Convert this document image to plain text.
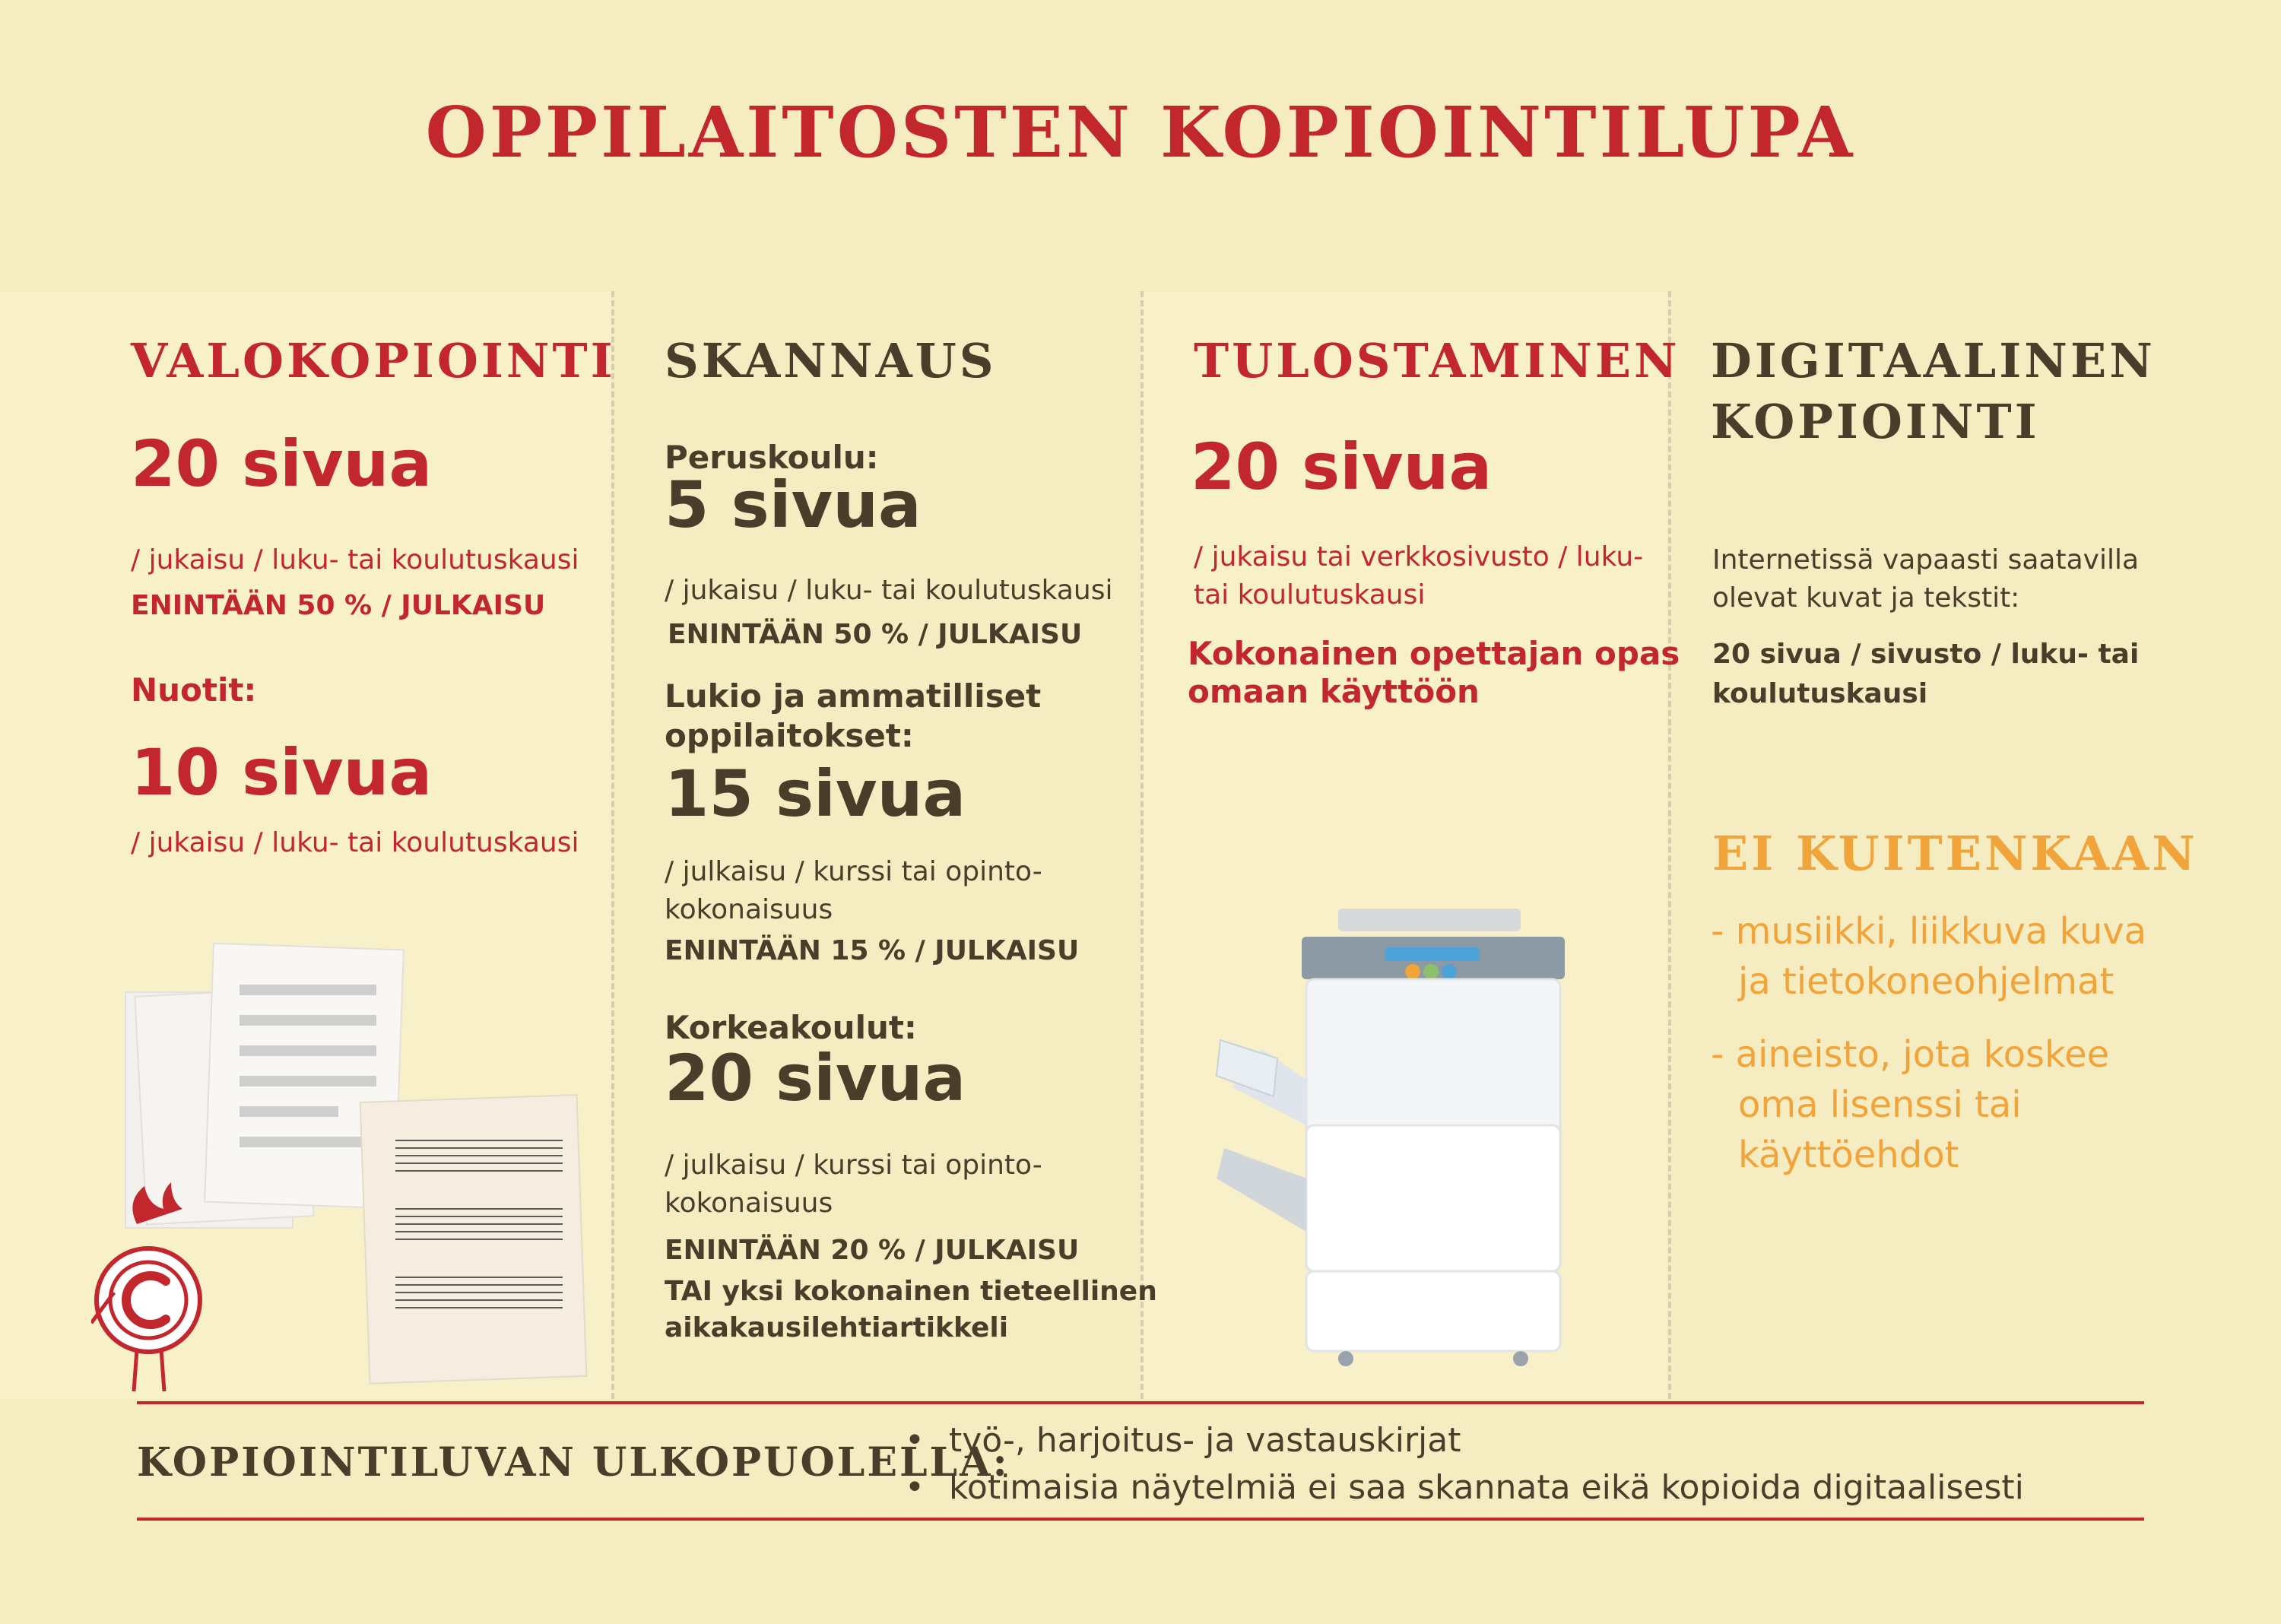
OPPILAITOSTEN KOPIOINTILUPA
VALOKOPIOINTI
20 sivua
/ jukaisu / luku- tai koulutuskausi
ENINTÄÄN 50 % / JULKAISU
Nuotit:
10 sivua
/ jukaisu / luku- tai koulutuskausi
SKANNAUS
Peruskoulu:
5 sivua
/ jukaisu / luku- tai koulutuskausi
ENINTÄÄN 50 % / JULKAISU
Lukio ja ammatilliset
oppilaitokset:
15 sivua
/ julkaisu / kurssi tai opinto-
kokonaisuus
ENINTÄÄN 15 % / JULKAISU
Korkeakoulut:
20 sivua
/ julkaisu / kurssi tai opinto-
kokonaisuus
ENINTÄÄN 20 % / JULKAISU
TAI yksi kokonainen tieteellinen
aikakausilehtiartikkeli
TULOSTAMINEN
20 sivua
/ jukaisu tai verkkosivusto / luku-
tai koulutuskausi
Kokonainen opettajan opas
omaan käyttöön
DIGITAALINEN
KOPIOINTI
Internetissä vapaasti saatavilla
olevat kuvat ja tekstit:
20 sivua / sivusto / luku- tai
koulutuskausi
EI KUITENKAAN
- musiikki, liikkuva kuva
ja tietokoneohjelmat
- aineisto, jota koskee
oma lisenssi tai
käyttöehdot
KOPIOINTILUVAN ULKOPUOLELLA:
• työ-, harjoitus- ja vastauskirjat
• kotimaisia näytelmiä ei saa skannata eikä kopioida digitaalisesti
